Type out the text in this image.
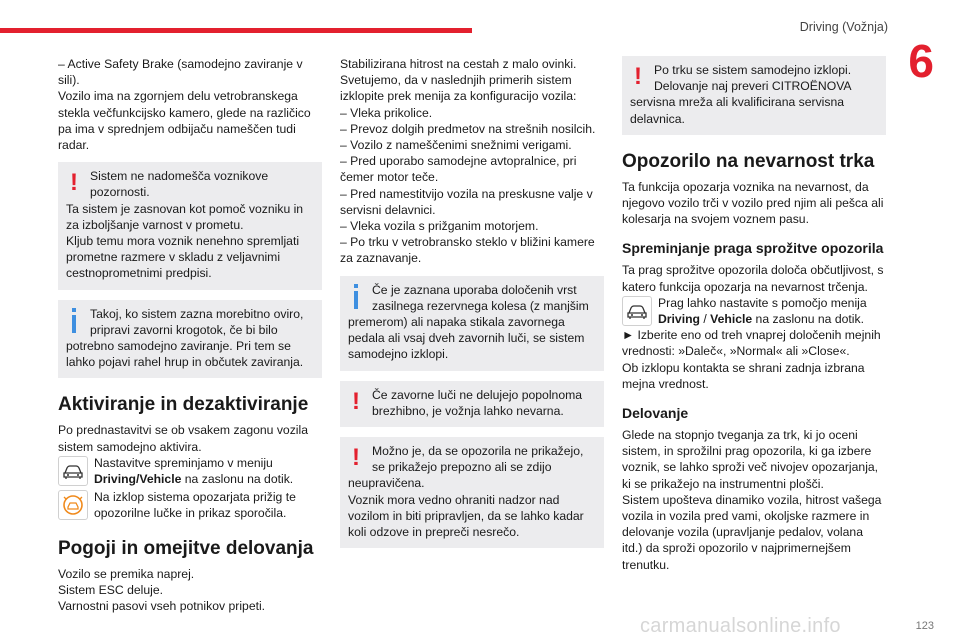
Driving (Vožnja)
6

– Active Safety Brake (samodejno zaviranje v sili).

Vozilo ima na zgornjem delu vetrobranskega stekla večfunkcijsko kamero, glede na različico pa ima v sprednjem odbijaču nameščen tudi radar.

! Sistem ne nadomešča voznikove pozornosti.

Ta sistem je zasnovan kot pomoč vozniku in za izboljšanje varnost v prometu.
Kljub temu mora voznik nenehno spremljati prometne razmere v skladu z veljavnimi cestnoprometnimi predpisi.

Takoj, ko sistem zazna morebitno oviro, pripravi zavorni krogotok, če bi bilo

potrebno samodejno zaviranje. Pri tem se lahko pojavi rahel hrup in občutek zaviranja.

Aktiviranje in dezaktiviranje

Po prednastavitvi se ob vsakem zagonu vozila sistem samodejno aktivira.

Nastavitve spreminjamo v meniju Driving/Vehicle na zaslonu na dotik.

Na izklop sistema opozarjata prižig te opozorilne lučke in prikaz sporočila.

Pogoji in omejitve delovanja

Vozilo se premika naprej.
Sistem ESC deluje.
Varnostni pasovi vseh potnikov pripeti.

Stabilizirana hitrost na cestah z malo ovinki.
Svetujemo, da v naslednjih primerih sistem izklopite prek menija za konfiguracijo vozila:
– Vleka prikolice.
– Prevoz dolgih predmetov na strešnih nosilcih.
– Vozilo z nameščenimi snežnimi verigami.
– Pred uporabo samodejne avtopralnice, pri čemer motor teče.
– Pred namestitvijo vozila na preskusne valje v servisni delavnici.
– Vleka vozila s prižganim motorjem.
– Po trku v vetrobransko steklo v bližini kamere za zaznavanje.

Če je zaznana uporaba določenih vrst zasilnega rezervnega kolesa (z manjšim

premerom) ali napaka stikala zavornega pedala ali vsaj dveh zavornih luči, se sistem samodejno izklopi.

! Če zavorne luči ne delujejo popolnoma brezhibno, je vožnja lahko nevarna.

! Možno je, da se opozorila ne prikažejo, se prikažejo prepozno ali se zdijo

neupravičena.
Voznik mora vedno ohraniti nadzor nad vozilom in biti pripravljen, da se lahko kadar koli odzove in prepreči nesrečo.

! Po trku se sistem samodejno izklopi. Delovanje naj preveri CITROËNOVA

servisna mreža ali kvalificirana servisna delavnica.

Opozorilo na nevarnost trka

Ta funkcija opozarja voznika na nevarnost, da njegovo vozilo trči v vozilo pred njim ali pešca ali kolesarja na svojem voznem pasu.

Spreminjanje praga sprožitve opozorila

Ta prag sprožitve opozorila določa občutljivost, s katero funkcija opozarja na nevarnost trčenja.

Prag lahko nastavite s pomočjo menija Driving / Vehicle na zaslonu na dotik.

► Izberite eno od treh vnaprej določenih mejnih vrednosti: »Daleč«, »Normal« ali »Close«.
Ob izklopu kontakta se shrani zadnja izbrana mejna vrednost.

Delovanje

Glede na stopnjo tveganja za trk, ki jo oceni sistem, in sprožilni prag opozorila, ki ga izbere voznik, se lahko sproži več nivojev opozarjanja, ki se prikažejo na instrumentni plošči.
Sistem upošteva dinamiko vozila, hitrost vašega vozila in vozila pred vami, okoljske razmere in delovanje vozila (upravljanje pedalov, volana itd.) da sproži opozorilo v najprimernejšem trenutku.

carmanualsonline.info	123
